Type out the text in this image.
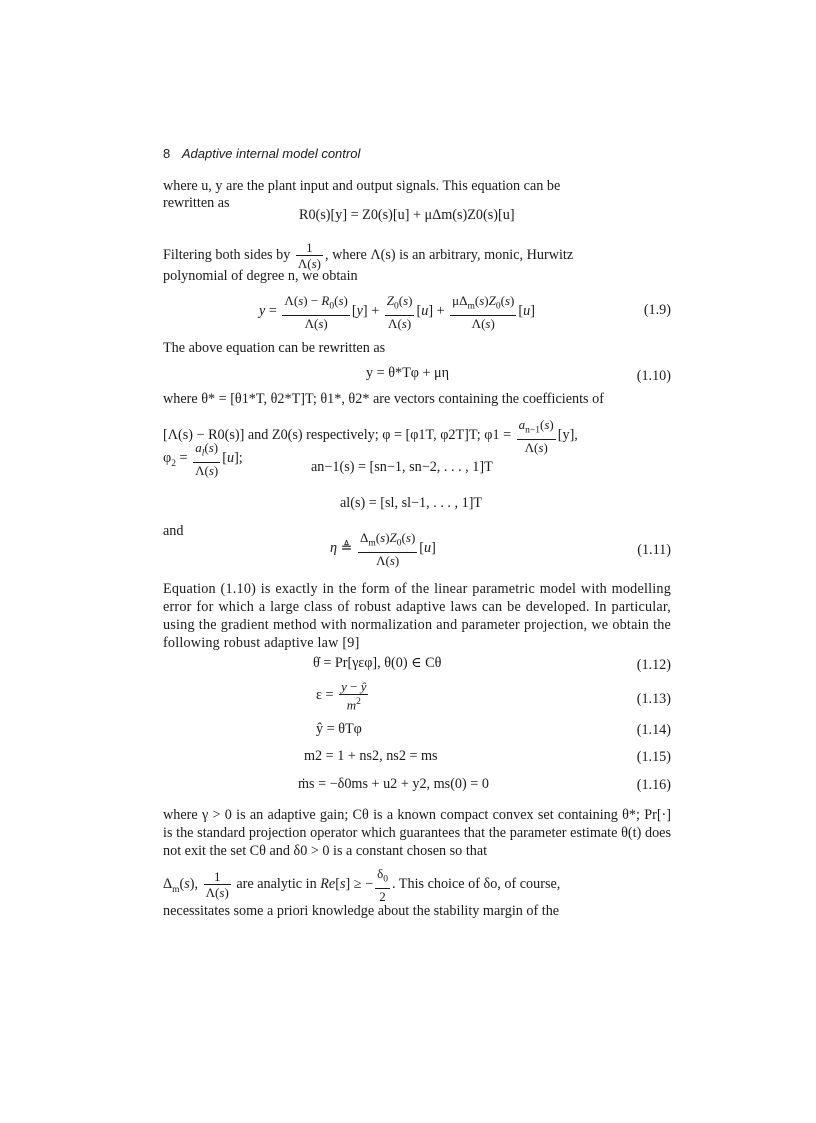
8 Adaptive internal model control
where u, y are the plant input and output signals. This equation can be
rewritten as
R0(s)[y] = Z0(s)[u] + μΔm(s)Z0(s)[u]
Filtering both sides by $\frac{1}{\Lambda(s)}$ , where Λ(s) is an arbitrary, monic, Hurwitz
polynomial of degree n, we obtain
$y = \frac{\Lambda(s) - R_0(s)}{\Lambda(s)} [y] + \frac{Z_0(s)}{\Lambda(s)} [u] + \frac{\mu\Delta_m(s)Z_0(s)}{\Lambda(s)} [u]$	(1.9)
The above equation can be rewritten as
y = θ*Tφ + μη	(1.10)
where θ* = [θ1*T, θ2*T]T; θ1*, θ2* are vectors containing the coefficients of
[Λ(s) − R0(s)] and Z0(s) respectively; φ = [φ1T, φ2T]T; $\varphi 1 = \frac{a_{n-1}(s)}{\Lambda(s)} [y]$,
$\varphi_2 = \frac{a_l(s)}{\Lambda(s)} [u]$;
an−1(s) = [sn−1, sn−2, . . . , 1]T
al(s) = [sl, sl−1, . . . , 1]T
and
η ≜ $\frac{\Delta_m(s)Z_0(s)}{\Lambda(s)} [u]$	(1.11)
Equation (1.10) is exactly in the form of the linear parametric model with modelling error for which a large class of robust adaptive laws can be developed. In particular, using the gradient method with normalization and parameter projection, we obtain the following robust adaptive law [9]
θ̇ = Pr[γεφ], θ(0) ∈ Cθ	(1.12)
$\varepsilon = \frac{y - ŷ}{m^2}$	(1.13)
ŷ = θTφ	(1.14)
m2 = 1 + ns2, ns2 = ms	(1.15)
ṁs = −δ0ms + u2 + y2, ms(0) = 0	(1.16)
where γ > 0 is an adaptive gain; Cθ is a known compact convex set containing θ*; Pr[·] is the standard projection operator which guarantees that the parameter estimate θ(t) does not exit the set Cθ and δ0 > 0 is a constant chosen so that
$\Delta_m(s)$, $\frac{1}{\Lambda(s)}$ are analytic in Re[s] ≥ − $\frac{\delta_0}{2}$ . This choice of δo, of course,
necessitates some a priori knowledge about the stability margin of the
